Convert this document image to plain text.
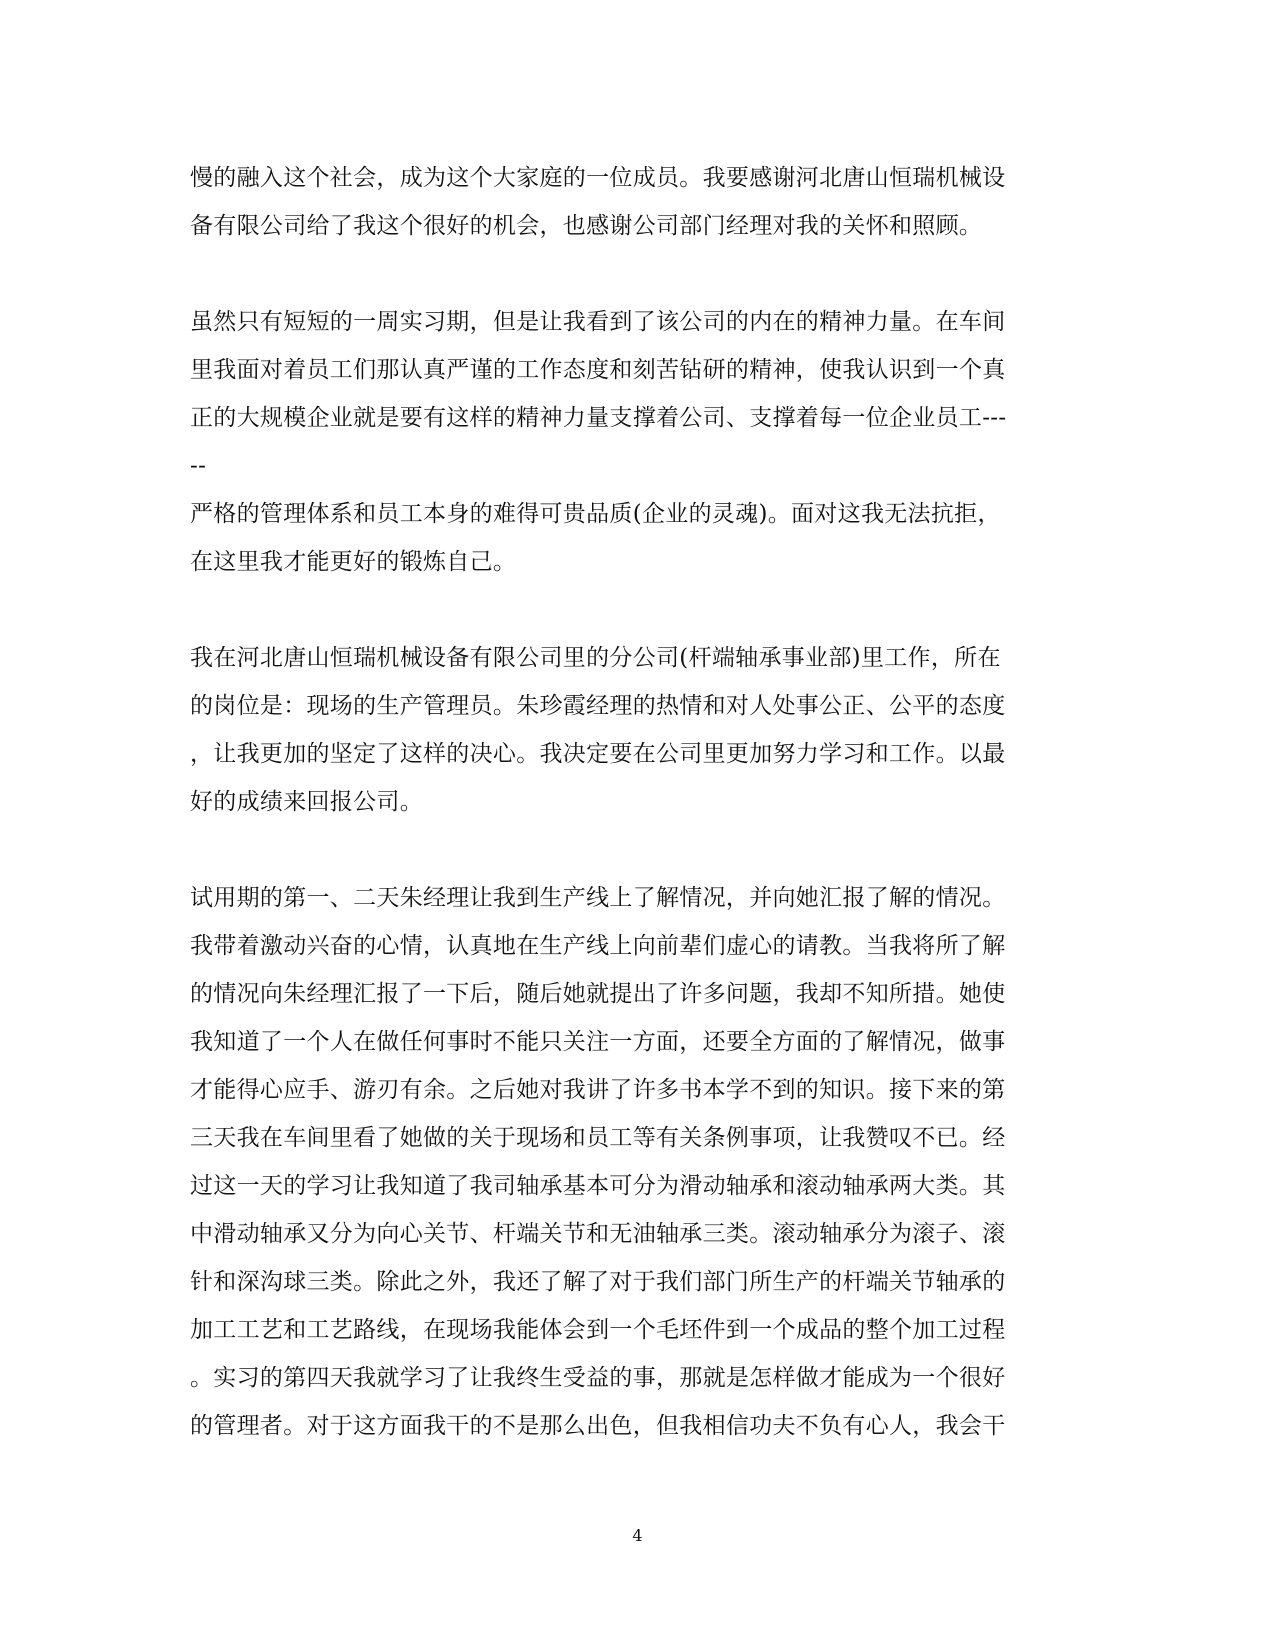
慢的融入这个社会，成为这个大家庭的一位成员。我要感谢河北唐山恒瑞机械设
备有限公司给了我这个很好的机会，也感谢公司部门经理对我的关怀和照顾。
虽然只有短短的一周实习期，但是让我看到了该公司的内在的精神力量。在车间
里我面对着员工们那认真严谨的工作态度和刻苦钻研的精神，使我认识到一个真
正的大规模企业就是要有这样的精神力量支撑着公司、支撑着每一位企业员工---
--
严格的管理体系和员工本身的难得可贵品质(企业的灵魂)。面对这我无法抗拒，
在这里我才能更好的锻炼自己。
我在河北唐山恒瑞机械设备有限公司里的分公司(杆端轴承事业部)里工作，所在
的岗位是：现场的生产管理员。朱珍霞经理的热情和对人处事公正、公平的态度
，让我更加的坚定了这样的决心。我决定要在公司里更加努力学习和工作。以最
好的成绩来回报公司。
试用期的第一、二天朱经理让我到生产线上了解情况，并向她汇报了解的情况。
我带着激动兴奋的心情，认真地在生产线上向前辈们虚心的请教。当我将所了解
的情况向朱经理汇报了一下后，随后她就提出了许多问题，我却不知所措。她使
我知道了一个人在做任何事时不能只关注一方面，还要全方面的了解情况，做事
才能得心应手、游刃有余。之后她对我讲了许多书本学不到的知识。接下来的第
三天我在车间里看了她做的关于现场和员工等有关条例事项，让我赞叹不已。经
过这一天的学习让我知道了我司轴承基本可分为滑动轴承和滚动轴承两大类。其
中滑动轴承又分为向心关节、杆端关节和无油轴承三类。滚动轴承分为滚子、滚
针和深沟球三类。除此之外，我还了解了对于我们部门所生产的杆端关节轴承的
加工工艺和工艺路线，在现场我能体会到一个毛坯件到一个成品的整个加工过程
。实习的第四天我就学习了让我终生受益的事，那就是怎样做才能成为一个很好
的管理者。对于这方面我干的不是那么出色，但我相信功夫不负有心人，我会干
4
